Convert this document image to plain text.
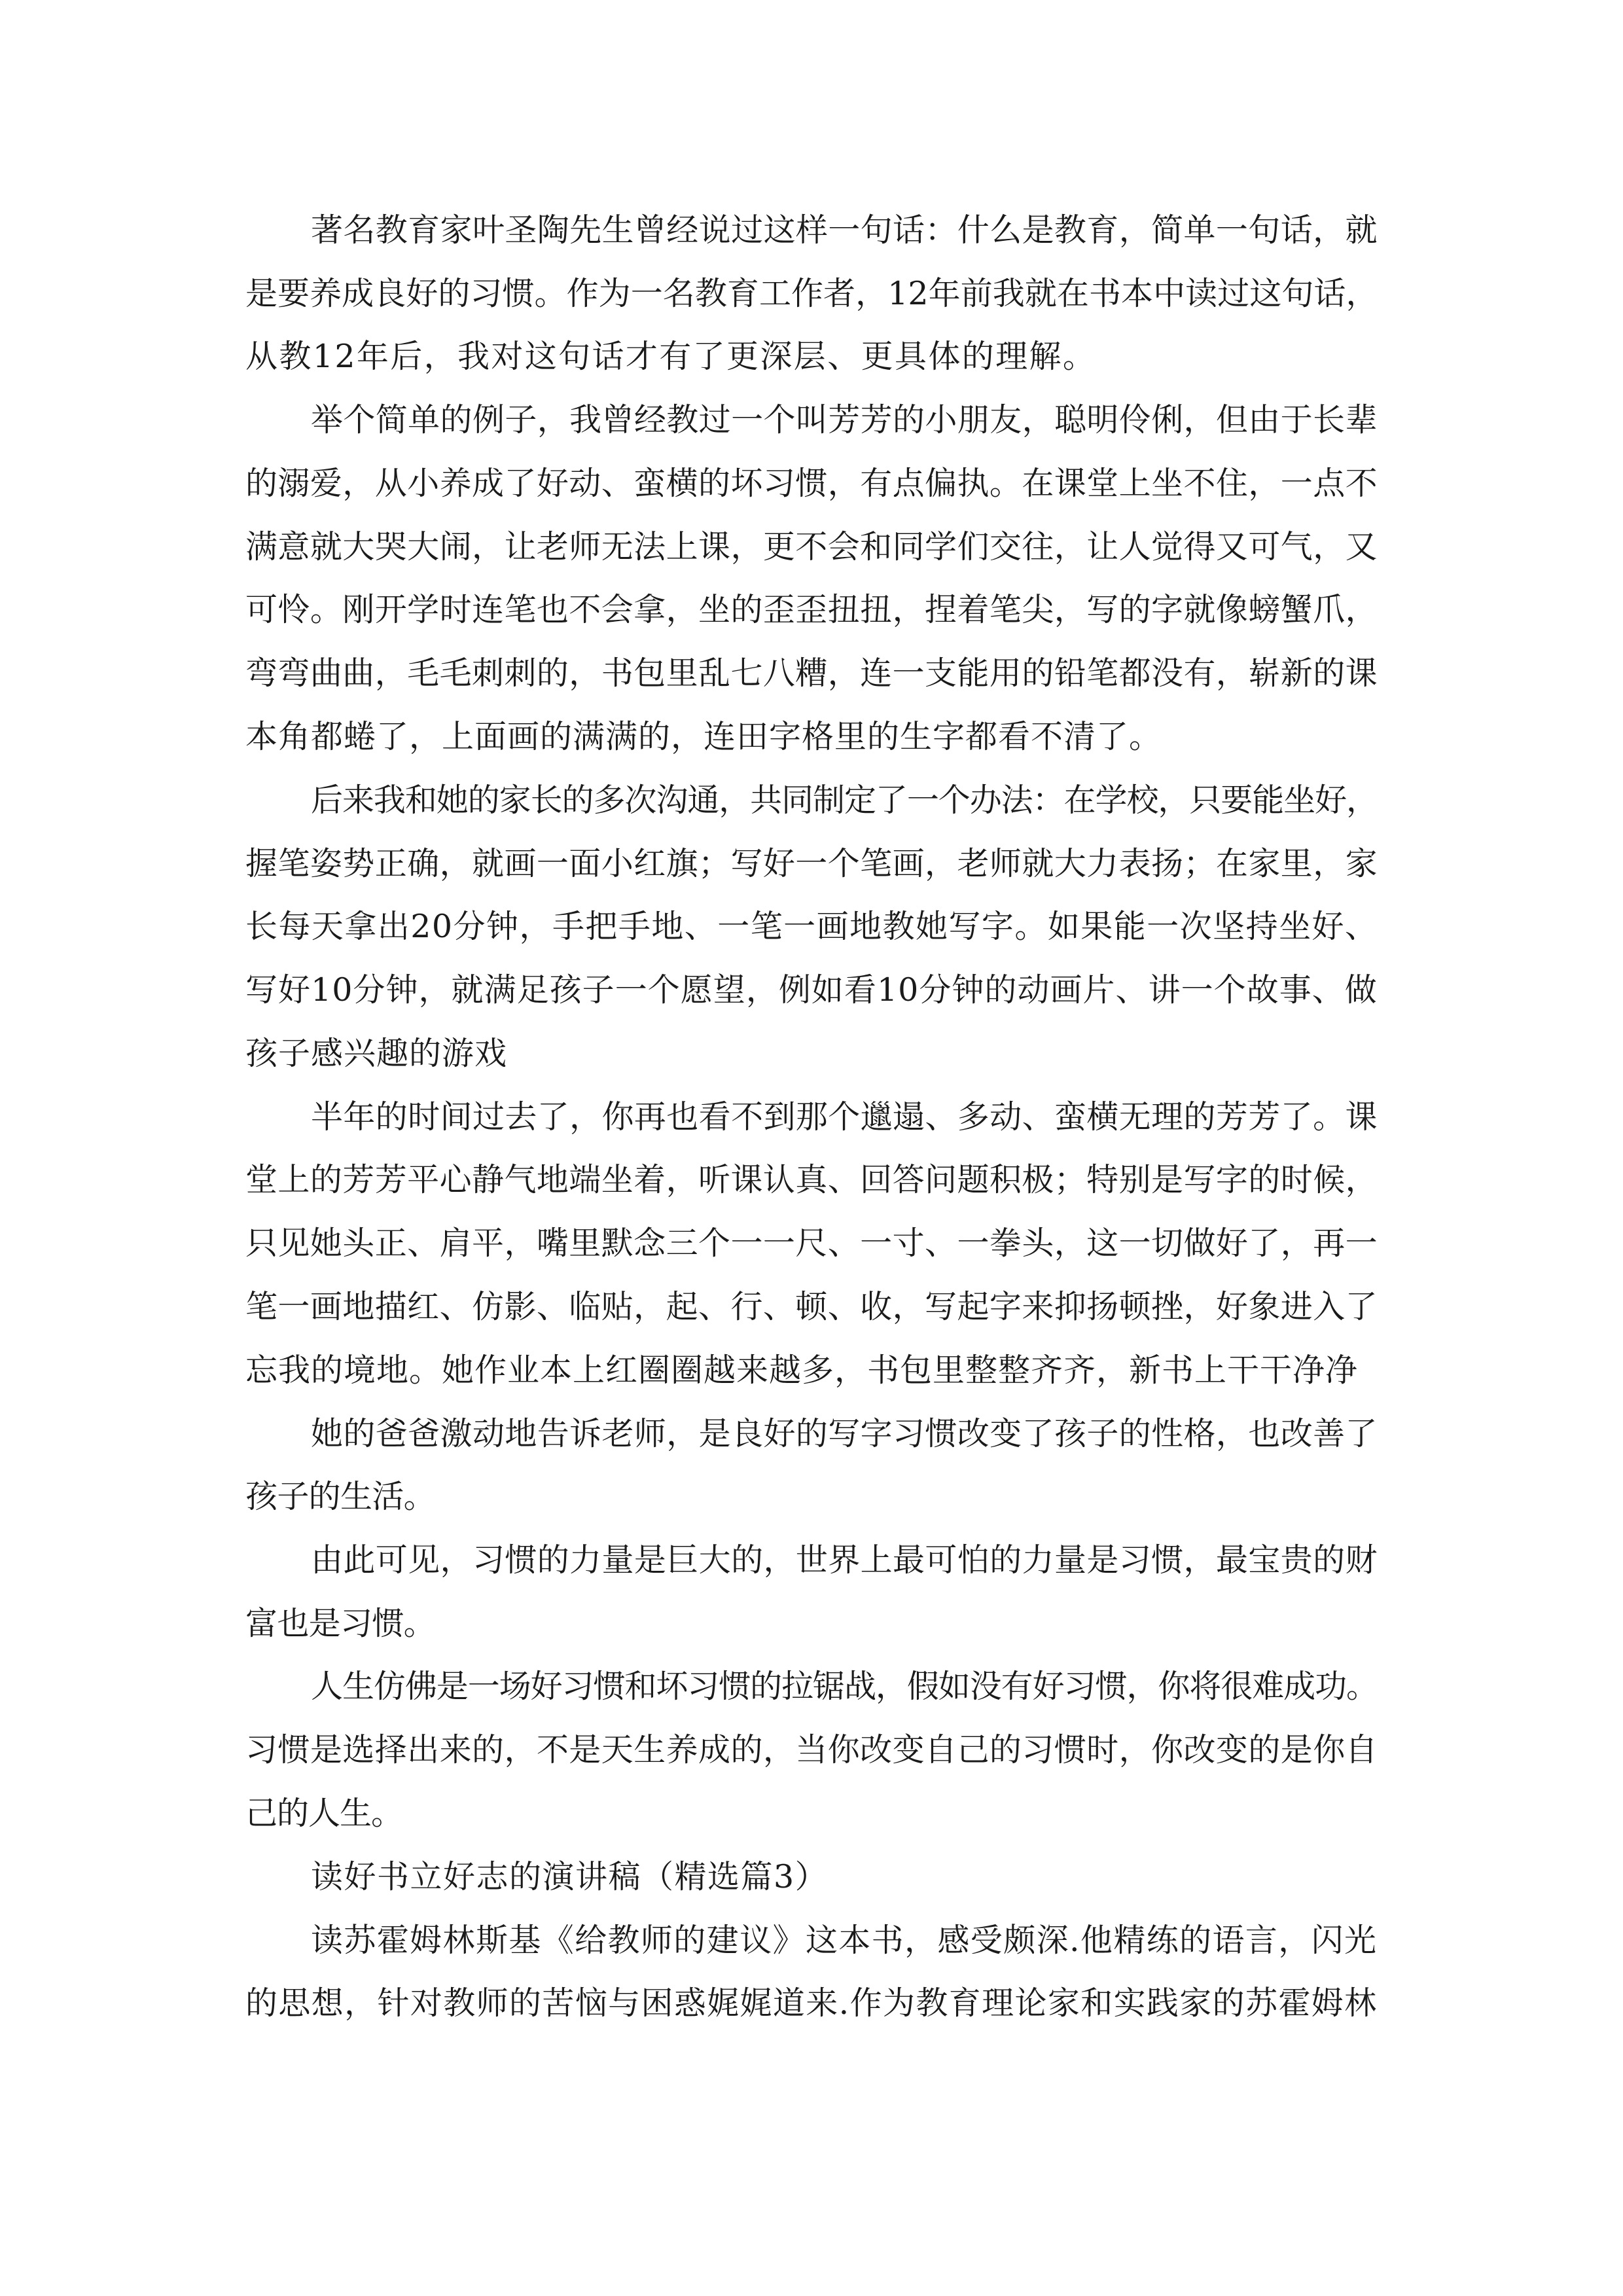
著名教育家叶圣陶先生曾经说过这样一句话：什么是教育，简单一句话，就
是要养成良好的习惯。作为一名教育工作者，12年前我就在书本中读过这句话，
从教12年后，我对这句话才有了更深层、更具体的理解。
举个简单的例子，我曾经教过一个叫芳芳的小朋友，聪明伶俐，但由于长辈
的溺爱，从小养成了好动、蛮横的坏习惯，有点偏执。在课堂上坐不住，一点不
满意就大哭大闹，让老师无法上课，更不会和同学们交往，让人觉得又可气，又
可怜。刚开学时连笔也不会拿，坐的歪歪扭扭，捏着笔尖，写的字就像螃蟹爪，
弯弯曲曲，毛毛刺刺的，书包里乱七八糟，连一支能用的铅笔都没有，崭新的课
本角都蜷了，上面画的满满的，连田字格里的生字都看不清了。
后来我和她的家长的多次沟通，共同制定了一个办法：在学校，只要能坐好，
握笔姿势正确，就画一面小红旗；写好一个笔画，老师就大力表扬；在家里，家
长每天拿出20分钟，手把手地、一笔一画地教她写字。如果能一次坚持坐好、
写好10分钟，就满足孩子一个愿望，例如看10分钟的动画片、讲一个故事、做
孩子感兴趣的游戏
半年的时间过去了，你再也看不到那个邋遢、多动、蛮横无理的芳芳了。课
堂上的芳芳平心静气地端坐着，听课认真、回答问题积极；特别是写字的时候，
只见她头正、肩平，嘴里默念三个一一尺、一寸、一拳头，这一切做好了，再一
笔一画地描红、仿影、临贴，起、行、顿、收，写起字来抑扬顿挫，好象进入了
忘我的境地。她作业本上红圈圈越来越多，书包里整整齐齐，新书上干干净净
她的爸爸激动地告诉老师，是良好的写字习惯改变了孩子的性格，也改善了
孩子的生活。
由此可见，习惯的力量是巨大的，世界上最可怕的力量是习惯，最宝贵的财
富也是习惯。
人生仿佛是一场好习惯和坏习惯的拉锯战，假如没有好习惯，你将很难成功。
习惯是选择出来的，不是天生养成的，当你改变自己的习惯时，你改变的是你自
己的人生。
读好书立好志的演讲稿（精选篇3）
读苏霍姆林斯基《给教师的建议》这本书，感受颇深.他精练的语言，闪光
的思想，针对教师的苦恼与困惑娓娓道来.作为教育理论家和实践家的苏霍姆林
